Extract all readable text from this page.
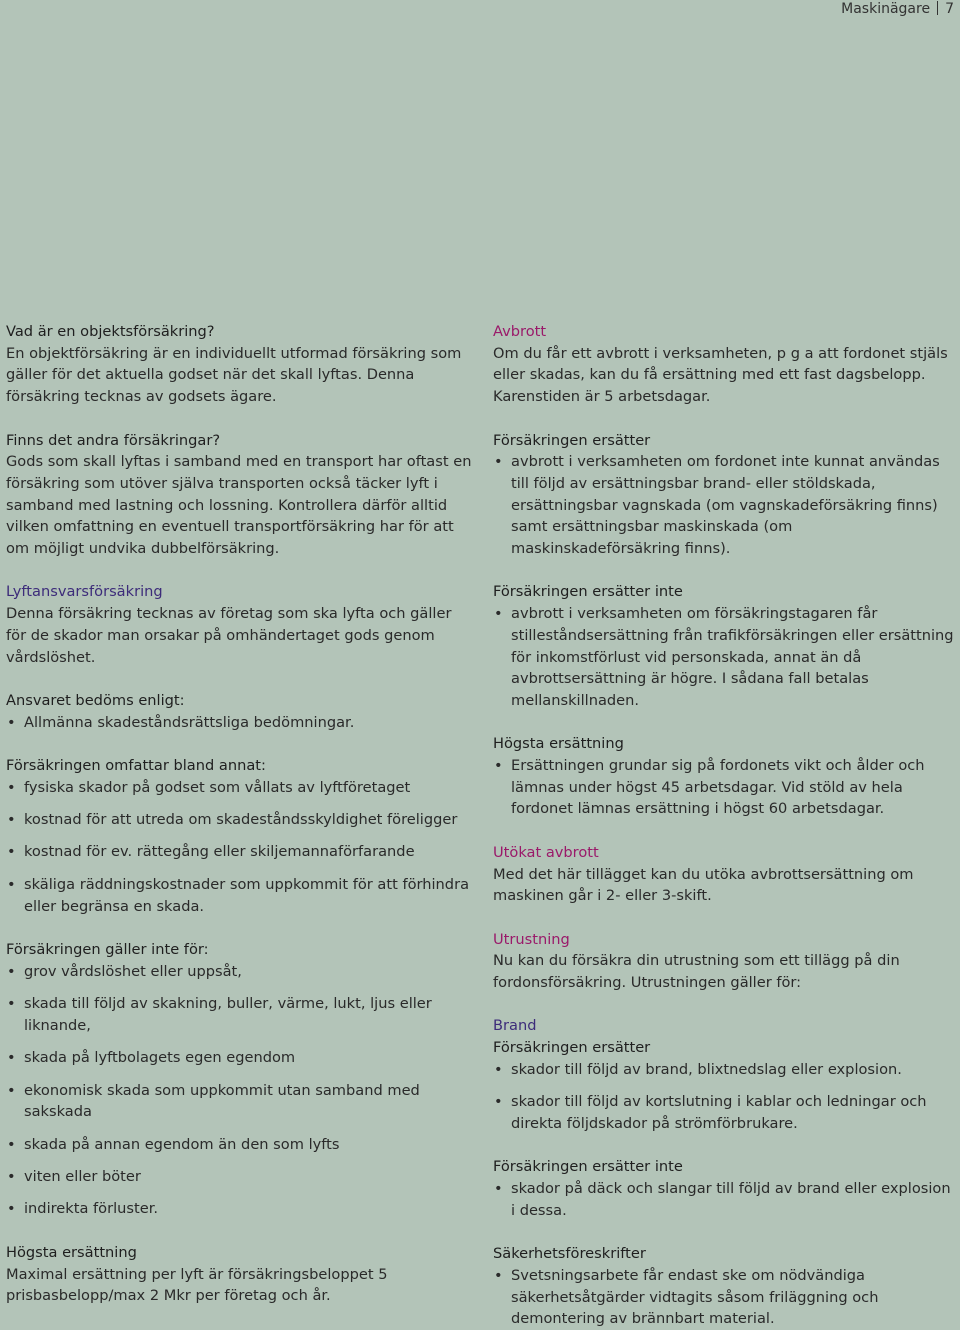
Maskinägare 7

Vad är en objektsförsäkring?

En objektförsäkring är en individuellt utformad försäkring som gäller för det aktuella godset när det skall lyftas. Denna försäkring tecknas av godsets ägare.

Finns det andra försäkringar?

Gods som skall lyftas i samband med en transport har oftast en försäkring som utöver själva transporten också täcker lyft i samband med lastning och lossning. Kontrollera därför alltid vilken omfattning en eventuell transportförsäkring har för att om möjligt undvika dubbelförsäkring.

Lyftansvarsförsäkring

Denna försäkring tecknas av företag som ska lyfta och gäller för de skador man orsakar på omhändertaget gods genom vårdslöshet.

Ansvaret bedöms enligt:

• Allmänna skadeståndsrättsliga bedömningar.

Försäkringen omfattar bland annat:

• fysiska skador på godset som vållats av lyftföretaget
• kostnad för att utreda om skadeståndsskyldighet föreligger
• kostnad för ev. rättegång eller skiljemannaförfarande
• skäliga räddningskostnader som uppkommit för att förhindra eller begränsa en skada.

Försäkringen gäller inte för:

• grov vårdslöshet eller uppsåt,
• skada till följd av skakning, buller, värme, lukt, ljus eller liknande,
• skada på lyftbolagets egen egendom
• ekonomisk skada som uppkommit utan samband med sakskada
• skada på annan egendom än den som lyfts
• viten eller böter
• indirekta förluster.

Högsta ersättning

Maximal ersättning per lyft är försäkringsbeloppet 5 prisbasbelopp/max 2 Mkr per företag och år.

Avbrott

Om du får ett avbrott i verksamheten, p g a att fordonet stjäls eller skadas, kan du få ersättning med ett fast dagsbelopp. Karenstiden är 5 arbetsdagar.

Försäkringen ersätter

• avbrott i verksamheten om fordonet inte kunnat användas till följd av ersättningsbar brand- eller stöldskada, ersättningsbar vagnskada (om vagnskadeförsäkring finns) samt ersättningsbar maskinskada (om maskinskadeförsäkring finns).

Försäkringen ersätter inte

• avbrott i verksamheten om försäkringstagaren får stilleståndsersättning från trafikförsäkringen eller ersättning för inkomstförlust vid personskada, annat än då avbrottsersättning är högre. I sådana fall betalas mellanskillnaden.

Högsta ersättning

• Ersättningen grundar sig på fordonets vikt och ålder och lämnas under högst 45 arbetsdagar. Vid stöld av hela fordonet lämnas ersättning i högst 60 arbetsdagar.

Utökat avbrott

Med det här tillägget kan du utöka avbrottsersättning om maskinen går i 2- eller 3-skift.

Utrustning

Nu kan du försäkra din utrustning som ett tillägg på din fordonsförsäkring. Utrustningen gäller för:

Brand

Försäkringen ersätter

• skador till följd av brand, blixtnedslag eller explosion.
• skador till följd av kortslutning i kablar och ledningar och direkta följdskador på strömförbrukare.

Försäkringen ersätter inte

• skador på däck och slangar till följd av brand eller explosion i dessa.

Säkerhetsföreskrifter

• Svetsningsarbete får endast ske om nödvändiga säkerhetsåtgärder vidtagits såsom friläggning och demontering av brännbart material.
